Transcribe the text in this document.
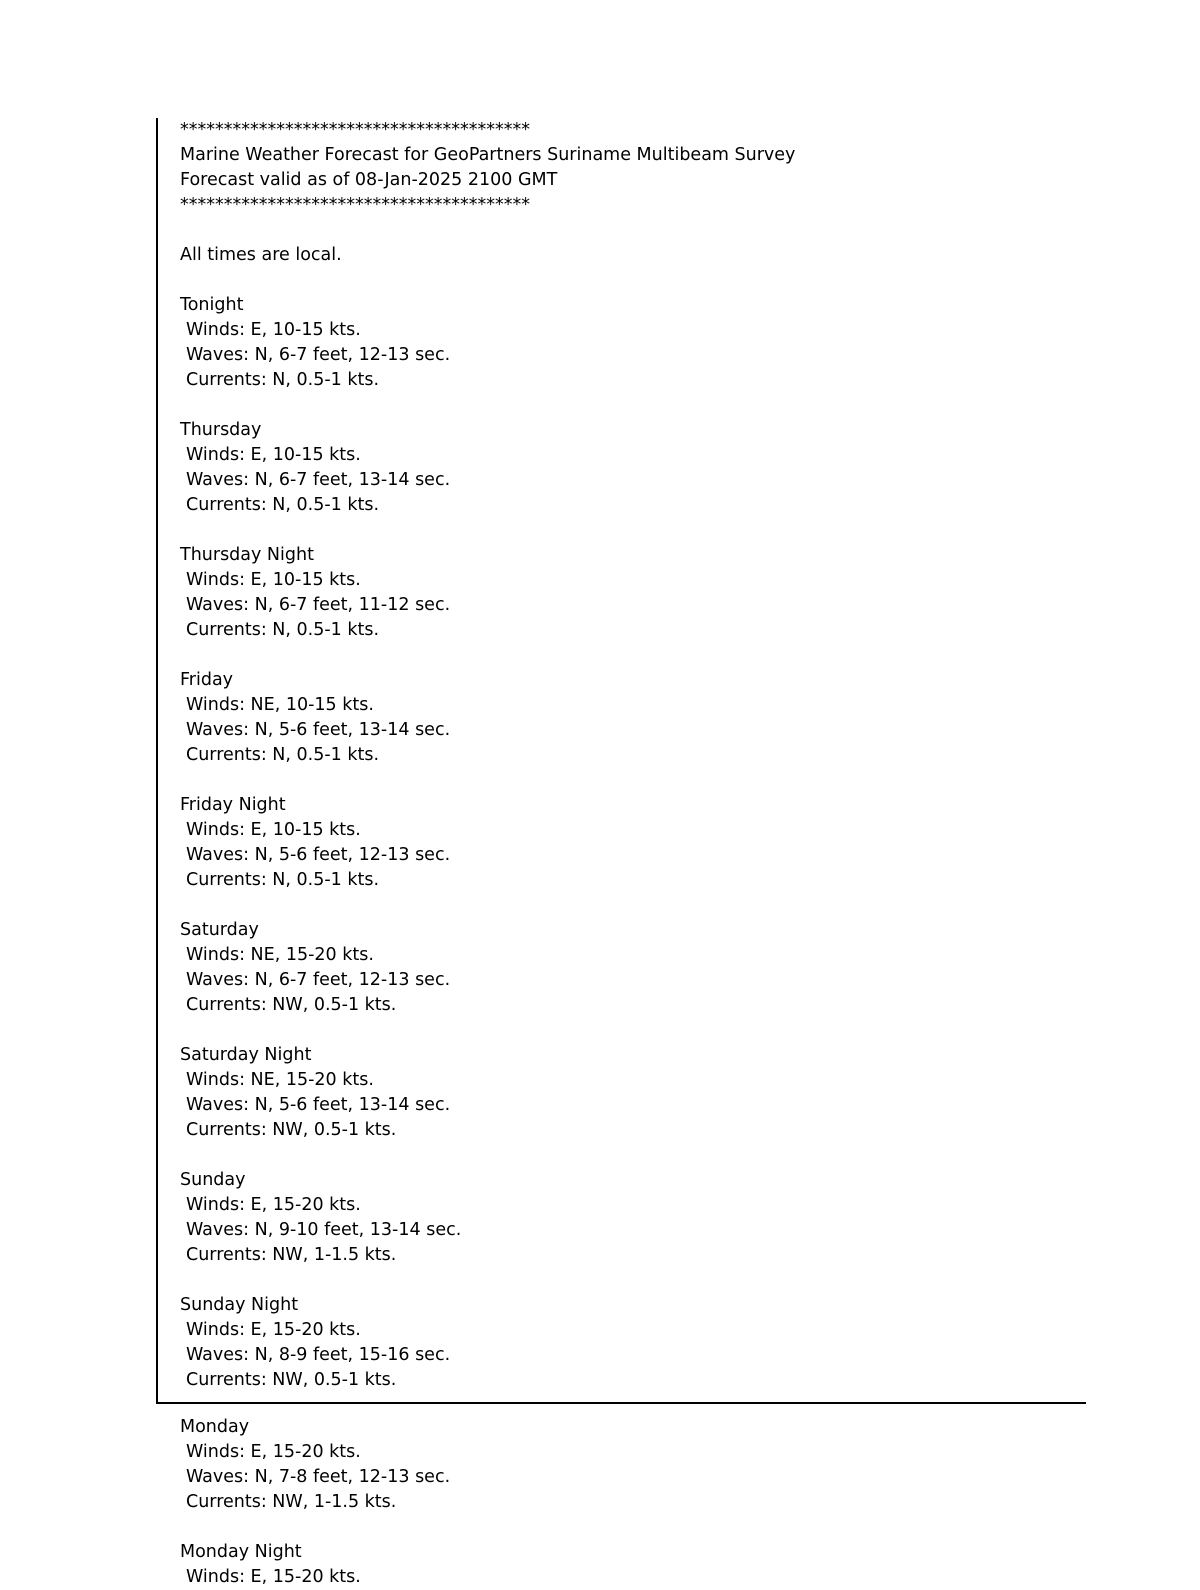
****************************************
Marine Weather Forecast for GeoPartners Suriname Multibeam Survey
Forecast valid as of 08-Jan-2025 2100 GMT
****************************************
All times are local.
Tonight
Winds: E, 10-15 kts.
Waves: N, 6-7 feet, 12-13 sec.
Currents: N, 0.5-1 kts.
Thursday
Winds: E, 10-15 kts.
Waves: N, 6-7 feet, 13-14 sec.
Currents: N, 0.5-1 kts.
Thursday Night
Winds: E, 10-15 kts.
Waves: N, 6-7 feet, 11-12 sec.
Currents: N, 0.5-1 kts.
Friday
Winds: NE, 10-15 kts.
Waves: N, 5-6 feet, 13-14 sec.
Currents: N, 0.5-1 kts.
Friday Night
Winds: E, 10-15 kts.
Waves: N, 5-6 feet, 12-13 sec.
Currents: N, 0.5-1 kts.
Saturday
Winds: NE, 15-20 kts.
Waves: N, 6-7 feet, 12-13 sec.
Currents: NW, 0.5-1 kts.
Saturday Night
Winds: NE, 15-20 kts.
Waves: N, 5-6 feet, 13-14 sec.
Currents: NW, 0.5-1 kts.
Sunday
Winds: E, 15-20 kts.
Waves: N, 9-10 feet, 13-14 sec.
Currents: NW, 1-1.5 kts.
Sunday Night
Winds: E, 15-20 kts.
Waves: N, 8-9 feet, 15-16 sec.
Currents: NW, 0.5-1 kts.
Monday
Winds: E, 15-20 kts.
Waves: N, 7-8 feet, 12-13 sec.
Currents: NW, 1-1.5 kts.
Monday Night
Winds: E, 15-20 kts.
